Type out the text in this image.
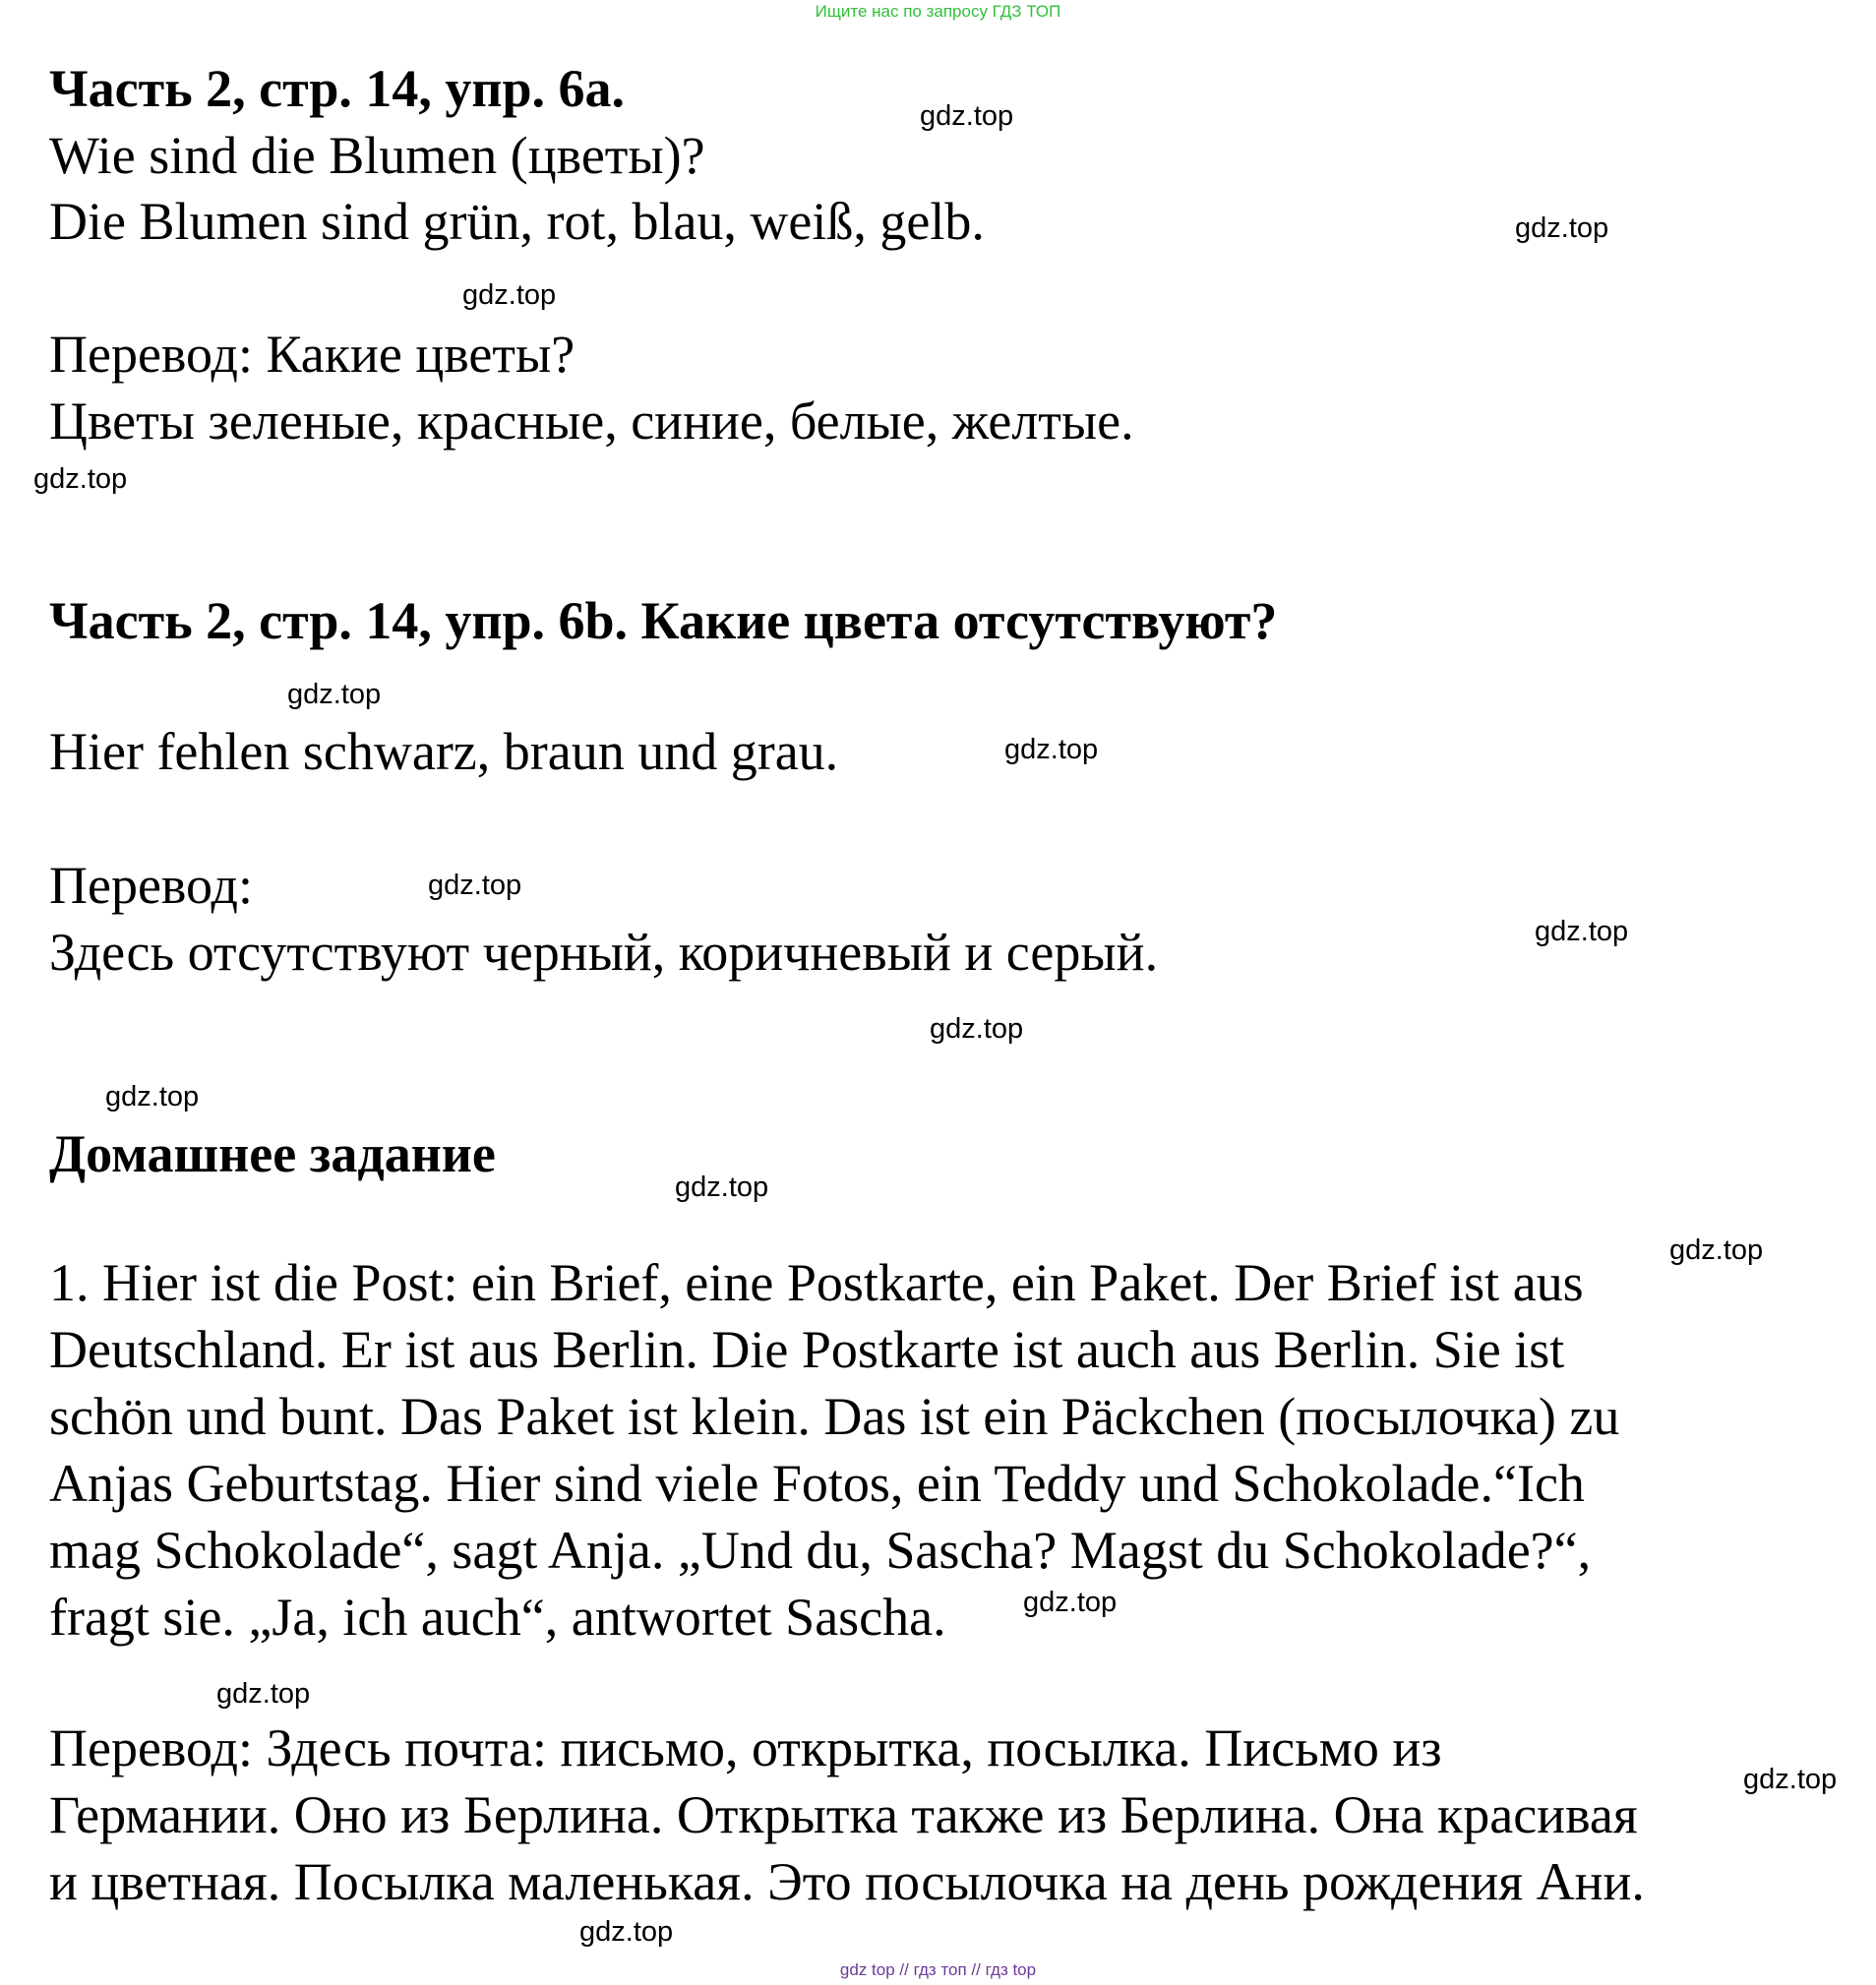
Ищите нас по запросу ГДЗ ТОП
Часть 2, стр. 14, упр. 6а.
Wie sind die Blumen (цветы)?
Die Blumen sind grün, rot, blau, weiß, gelb.
Перевод: Какие цветы?
Цветы зеленые, красные, синие, белые, желтые.
Часть 2, стр. 14, упр. 6b. Какие цвета отсутствуют?
Hier fehlen schwarz, braun und grau.
Перевод:
Здесь отсутствуют черный, коричневый и серый.
Домашнее задание
1. Hier ist die Post: ein Brief, eine Postkarte, ein Paket. Der Brief ist aus
Deutschland. Er ist aus Berlin. Die Postkarte ist auch aus Berlin. Sie ist
schön und bunt. Das Paket ist klein. Das ist ein Päckchen (посылочка) zu
Anjas Geburtstag. Hier sind viele Fotos, ein Teddy und Schokolade.“Ich
mag Schokolade“, sagt Anja. „Und du, Sascha? Magst du Schokolade?“,
fragt sie. „Ja, ich auch“, antwortet Sascha.
Перевод: Здесь почта: письмо, открытка, посылка. Письмо из
Германии. Оно из Берлина. Открытка также из Берлина. Она красивая
и цветная. Посылка маленькая. Это посылочка на день рождения Ани.
gdz.top
gdz.top
gdz.top
gdz.top
gdz.top
gdz.top
gdz.top
gdz.top
gdz.top
gdz.top
gdz.top
gdz.top
gdz.top
gdz.top
gdz.top
gdz.top
gdz top // гдз топ // гдз top
